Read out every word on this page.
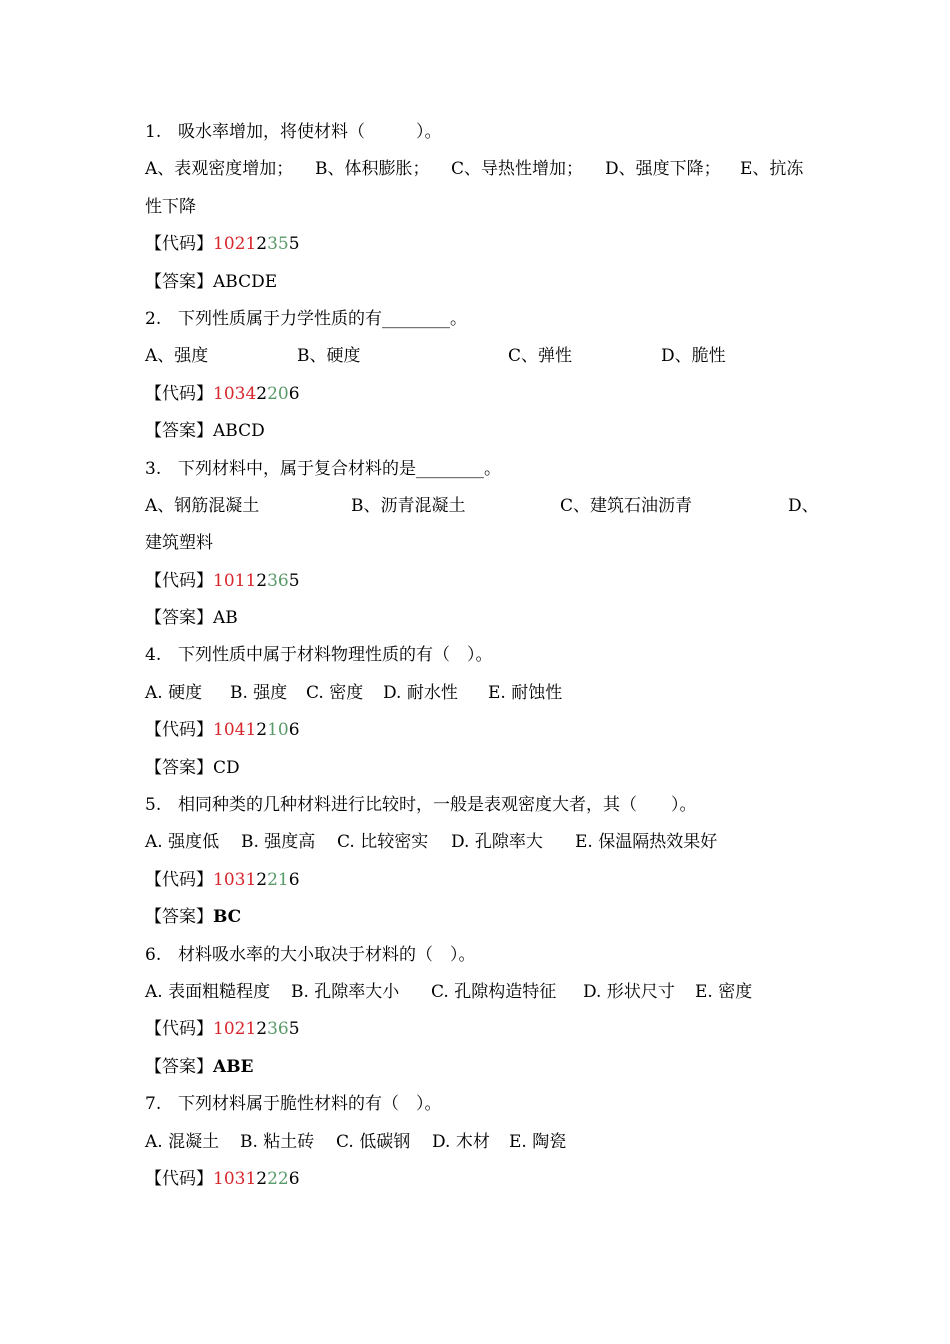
1. 吸水率增加，将使材料（　　　）。
A、表观密度增加； B、体积膨胀； C、导热性增加； D、强度下降； E、抗冻
性下降
【代码】10212355
【答案】ABCDE
2. 下列性质属于力学性质的有________。
A、强度	B、硬度	C、弹性	D、脆性
【代码】10342206
【答案】ABCD
3. 下列材料中，属于复合材料的是________。
A、钢筋混凝土	B、沥青混凝土	C、建筑石油沥青	D、
建筑塑料
【代码】10112365
【答案】AB
4. 下列性质中属于材料物理性质的有（　）。
A. 硬度 B. 强度 C. 密度 D. 耐水性 E. 耐蚀性
【代码】10412106
【答案】CD
5. 相同种类的几种材料进行比较时，一般是表观密度大者，其（　　）。
A. 强度低 B. 强度高 C. 比较密实 D. 孔隙率大 E. 保温隔热效果好
【代码】10312216
【答案】BC
6. 材料吸水率的大小取决于材料的（　）。
A. 表面粗糙程度 B. 孔隙率大小 C. 孔隙构造特征 D. 形状尺寸 E. 密度
【代码】10212365
【答案】ABE
7. 下列材料属于脆性材料的有（　）。
A. 混凝土 B. 粘土砖 C. 低碳钢 D. 木材 E. 陶瓷
【代码】10312226
